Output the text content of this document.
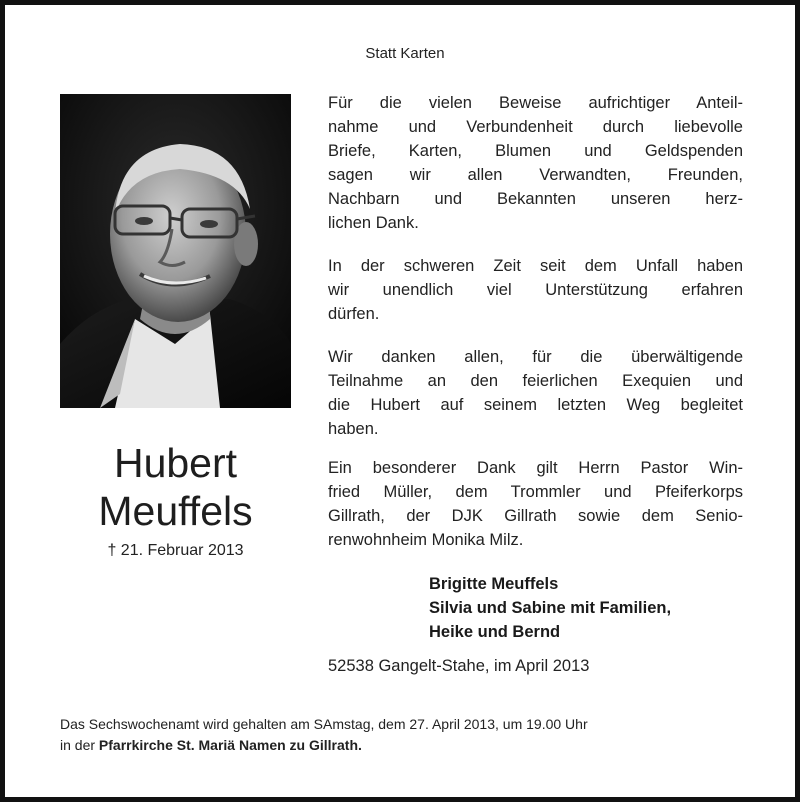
Statt Karten
Hubert
Meuffels
† 21. Februar 2013
Für die vielen Beweise aufrichtiger Anteil-
nahme und Verbundenheit durch liebevolle
Briefe, Karten, Blumen und Geldspenden
sagen wir allen Verwandten, Freunden,
Nachbarn und Bekannten unseren herz-
lichen Dank.
In der schweren Zeit seit dem Unfall haben
wir unendlich viel Unterstützung erfahren
dürfen.
Wir danken allen, für die überwältigende
Teilnahme an den feierlichen Exequien und
die Hubert auf seinem letzten Weg begleitet
haben.
Ein besonderer Dank gilt Herrn Pastor Win-
fried Müller, dem Trommler und Pfeiferkorps
Gillrath, der DJK Gillrath sowie dem Senio-
renwohnheim Monika Milz.
Brigitte Meuffels
Silvia und Sabine mit Familien,
Heike und Bernd
52538 Gangelt-Stahe, im April 2013
Das Sechswochenamt wird gehalten am SAmstag, dem 27. April 2013, um 19.00 Uhr
in der Pfarrkirche St. Mariä Namen zu Gillrath.
